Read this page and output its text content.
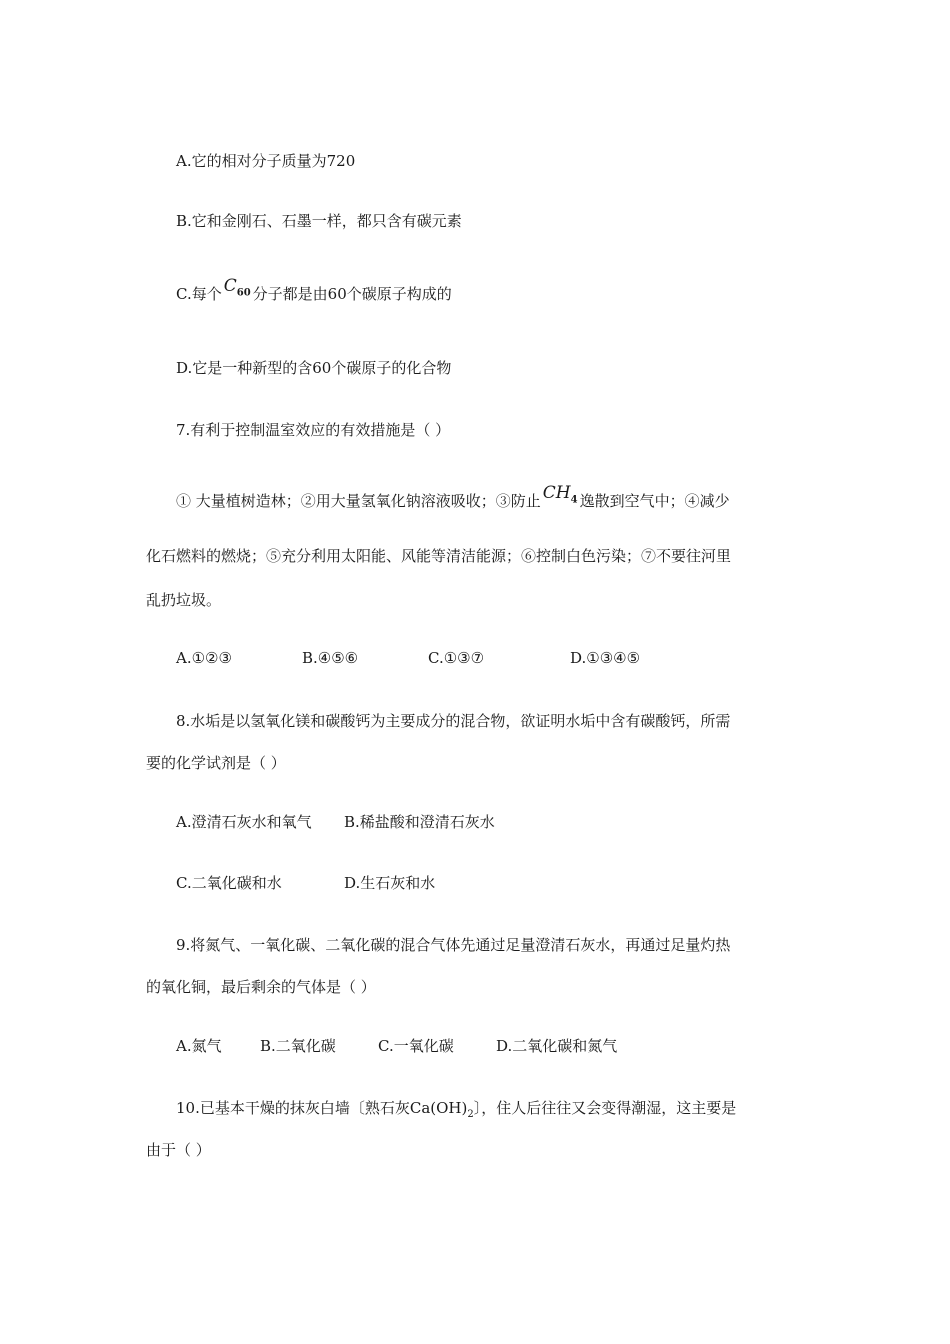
A.它的相对分子质量为720
B.它和金刚石、石墨一样，都只含有碳元素
C.每个 $C_{60}$ 分子都是由60个碳原子构成的
D.它是一种新型的含60个碳原子的化合物
7.有利于控制温室效应的有效措施是（ ）
① 大量植树造林；②用大量氢氧化钠溶液吸收；③防止 $CH_4$ 逸散到空气中；④减少
化石燃料的燃烧；⑤充分利用太阳能、风能等清洁能源；⑥控制白色污染；⑦不要往河里
乱扔垃圾。
A.①②③	B.④⑤⑥	C.①③⑦	D.①③④⑤
8.水垢是以氢氧化镁和碳酸钙为主要成分的混合物，欲证明水垢中含有碳酸钙，所需
要的化学试剂是（ ）
A.澄清石灰水和氧气 B.稀盐酸和澄清石灰水
C.二氧化碳和水	D.生石灰和水
9.将氮气、一氧化碳、二氧化碳的混合气体先通过足量澄清石灰水，再通过足量灼热
的氧化铜，最后剩余的气体是（ ）
A.氮气	B.二氧化碳	C.一氧化碳	D.二氧化碳和氮气
10.已基本干燥的抹灰白墙〔熟石灰$Ca(OH)_2$〕，住人后往往又会变得潮湿，这主要是
由于（ ）
